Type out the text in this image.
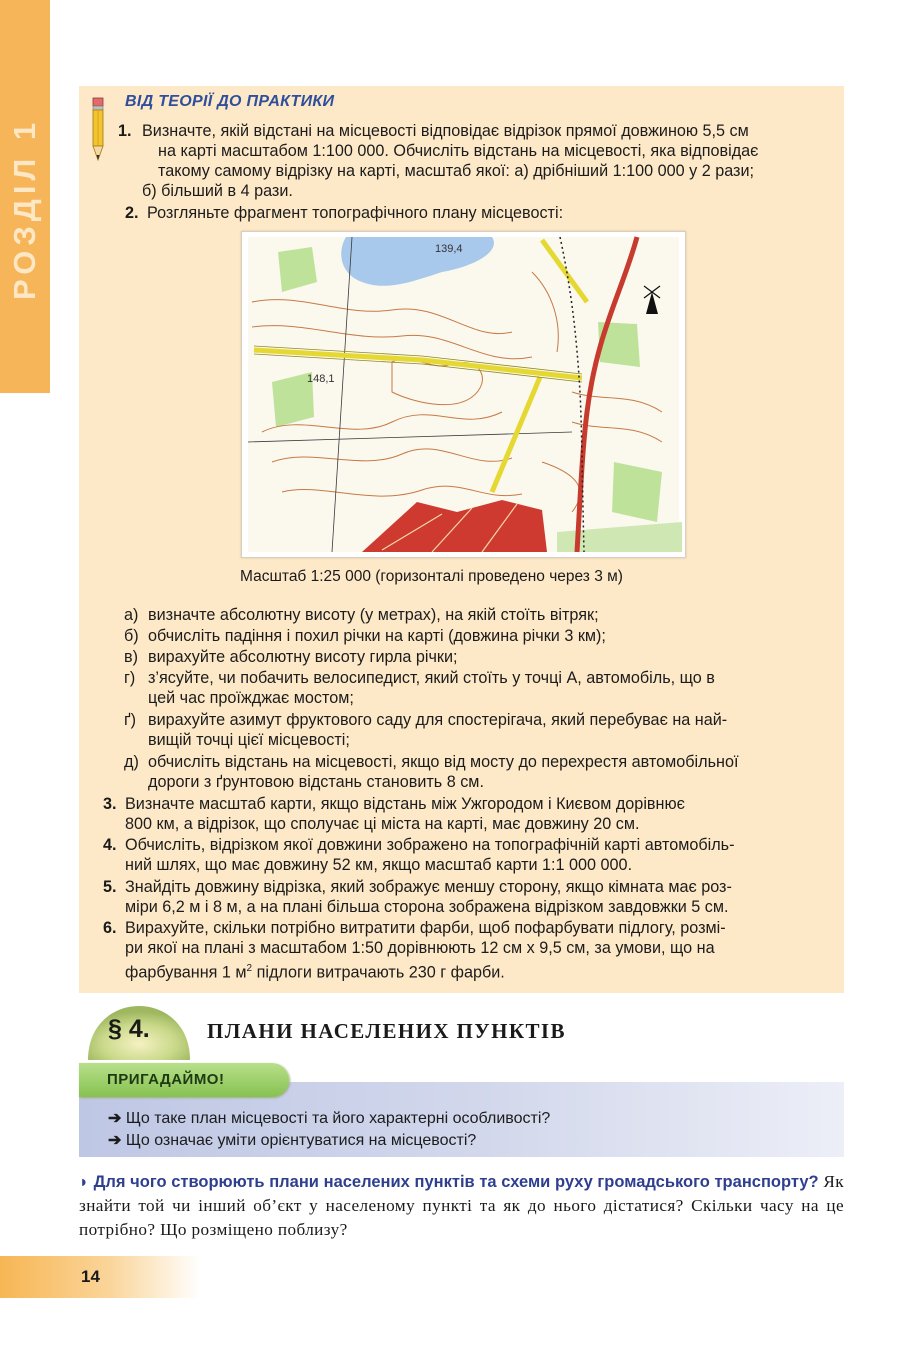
РОЗДІЛ 1
ВІД ТЕОРІЇ ДО ПРАКТИКИ
1. Визначте, якій відстані на місцевості відповідає відрізок прямої довжиною 5,5 см
на карті масштабом 1:100 000. Обчисліть відстань на місцевості, яка відповідає
такому самому відрізку на карті, масштаб якої: а) дрібніший 1:100 000 у 2 рази;
б) більший в 4 рази.
2. Розгляньте фрагмент топографічного плану місцевості:
139,4
148,1
Масштаб 1:25 000 (горизонталі проведено через 3 м)
а) визначте абсолютну висоту (у метрах), на якій стоїть вітряк;
б) обчисліть падіння і похил річки на карті (довжина річки 3 км);
в) вирахуйте абсолютну висоту гирла річки;
г) з’ясуйте, чи побачить велосипедист, який стоїть у точці А, автомобіль, що в
цей час проїжджає мостом;
ґ) вирахуйте азимут фруктового саду для спостерігача, який перебуває на най-
вищій точці цієї місцевості;
д) обчисліть відстань на місцевості, якщо від мосту до перехрестя автомобільної
дороги з ґрунтовою відстань становить 8 см.
3. Визначте масштаб карти, якщо відстань між Ужгородом і Києвом дорівнює
800 км, а відрізок, що сполучає ці міста на карті, має довжину 20 см.
4. Обчисліть, відрізком якої довжини зображено на топографічній карті автомобіль-
ний шлях, що має довжину 52 км, якщо масштаб карти 1:1 000 000.
5. Знайдіть довжину відрізка, який зображує меншу сторону, якщо кімната має роз-
міри 6,2 м і 8 м, а на плані більша сторона зображена відрізком завдовжки 5 см.
6. Вирахуйте, скільки потрібно витратити фарби, щоб пофарбувати підлогу, розмі-
ри якої на плані з масштабом 1:50 дорівнюють 12 см x 9,5 см, за умови, що на
фарбування 1 $м^2$ підлоги витрачають 230 г фарби.
§ 4.	ПЛАНИ НАСЕЛЕНИХ ПУНКТІВ
ПРИГАДАЙМО!
➔ Що таке план місцевості та його характерні особливості?
➔ Що означає уміти орієнтуватися на місцевості?
◗ Для чого створюють плани населених пунктів та схеми руху громадського транспорту? Як знайти той чи інший об’єкт у населеному пункті та як до нього дістатися? Скільки часу на це потрібно? Що розміщено поблизу?
14
